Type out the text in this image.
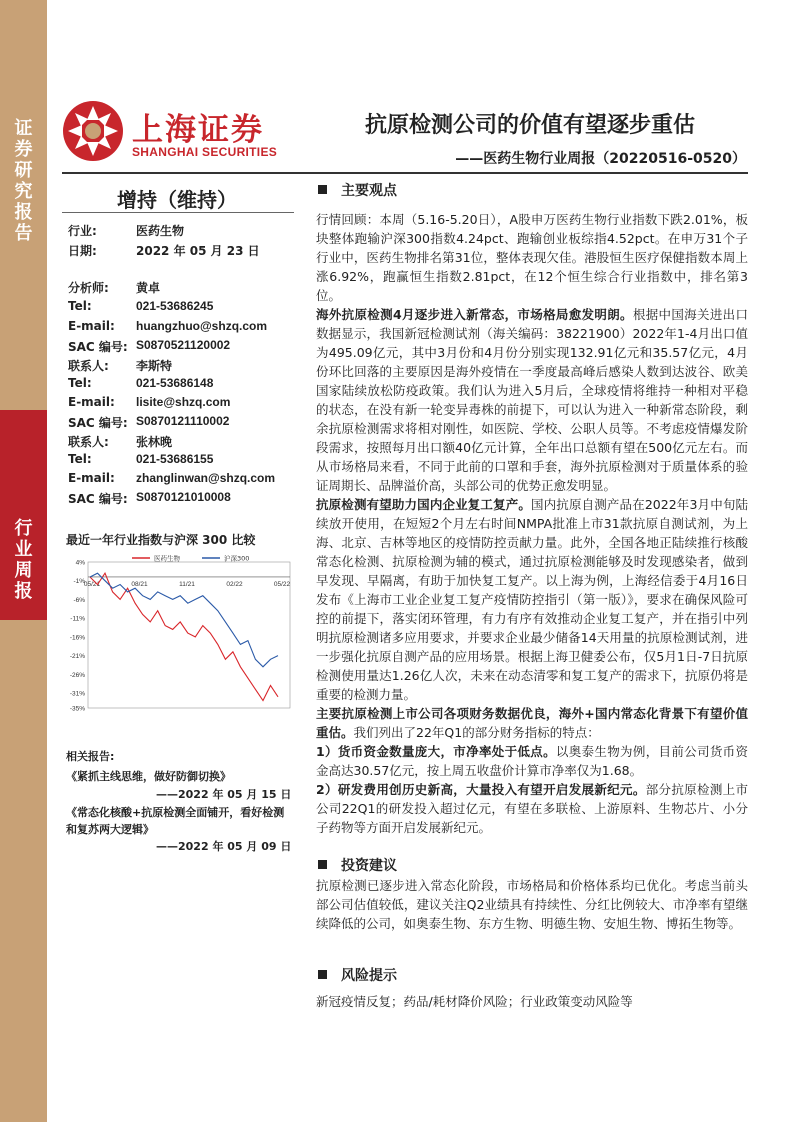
证
券
研
究
报
告
行
业
周
报
上海证券
SHANGHAI SECURITIES
抗原检测公司的价值有望逐步重估
——医药生物行业周报（20220516-0520）
增持（维持）
行业:	医药生物
日期:	2022 年 05 月 23 日
分析师: 黄卓
Tel:	021-53686245
E-mail: huangzhuo@shzq.com
SAC 编号: S0870521120002
联系人: 李斯特
Tel:	021-53686148
E-mail: lisite@shzq.com
SAC 编号: S0870121110002
联系人: 张林晚
Tel:	021-53686155
E-mail: zhanglinwan@shzq.com
SAC 编号: S0870121010008
最近一年行业指数与沪深 300 比较
4%
-1%
-6%
-11%
-16%
-21%
-26%
-31%
-35%
05/21	08/21	11/21	02/22	05/22
医药生物	沪深300
相关报告:
《紧抓主线思维，做好防御切换》
——2022 年 05 月 15 日
《常态化核酸+抗原检测全面铺开，看好检测和复苏两大逻辑》
——2022 年 05 月 09 日
主要观点

行情回顾：本周（5.16-5.20日），A股申万医药生物行业指数下跌2.01%，板块整体跑输沪深300指数4.24pct、跑输创业板综指4.52pct。在申万31个子行业中，医药生物排名第31位，整体表现欠佳。港股恒生医疗保健指数本周上涨6.92%，跑赢恒生指数2.81pct，在12个恒生综合行业指数中，排名第3位。

海外抗原检测4月逐步进入新常态，市场格局愈发明朗。根据中国海关进出口数据显示，我国新冠检测试剂（海关编码：38221900）2022年1-4月出口值为495.09亿元，其中3月份和4月份分别实现132.91亿元和35.57亿元，4月份环比回落的主要原因是海外疫情在一季度最高峰后感染人数到达波谷、欧美国家陆续放松防疫政策。我们认为进入5月后，全球疫情将维持一种相对平稳的状态，在没有新一轮变异毒株的前提下，可以认为进入一种新常态阶段，剩余抗原检测需求将相对刚性，如医院、学校、公职人员等。不考虑疫情爆发阶段需求，按照每月出口额40亿元计算，全年出口总额有望在500亿元左右。而从市场格局来看，不同于此前的口罩和手套，海外抗原检测对于质量体系的验证周期长、品牌溢价高，头部公司的优势正愈发明显。

抗原检测有望助力国内企业复工复产。国内抗原自测产品在2022年3月中旬陆续放开使用，在短短2个月左右时间NMPA批准上市31款抗原自测试剂，为上海、北京、吉林等地区的疫情防控贡献力量。此外，全国各地正陆续推行核酸常态化检测、抗原检测为辅的模式，通过抗原检测能够及时发现感染者，做到早发现、早隔离，有助于加快复工复产。以上海为例，上海经信委于4月16日发布《上海市工业企业复工复产疫情防控指引（第一版）》，要求在确保风险可控的前提下，落实闭环管理，有力有序有效推动企业复工复产，并在指引中列明抗原检测诸多应用要求，并要求企业最少储备14天用量的抗原检测试剂，进一步强化抗原自测产品的应用场景。根据上海卫健委公布，仅5月1日-7日抗原检测使用量达1.26亿人次，未来在动态清零和复工复产的需求下，抗原仍将是重要的检测力量。

主要抗原检测上市公司各项财务数据优良，海外+国内常态化背景下有望价值重估。我们列出了22年Q1的部分财务指标的特点：

1）货币资金数量庞大，市净率处于低点。以奥泰生物为例，目前公司货币资金高达30.57亿元，按上周五收盘价计算市净率仅为1.68。

2）研发费用创历史新高，大量投入有望开启发展新纪元。部分抗原检测上市公司22Q1的研发投入超过亿元，有望在多联检、上游原料、生物芯片、小分子药物等方面开启发展新纪元。

投资建议

抗原检测已逐步进入常态化阶段，市场格局和价格体系均已优化。考虑当前头部公司估值较低，建议关注Q2业绩具有持续性、分红比例较大、市净率有望继续降低的公司，如奥泰生物、东方生物、明德生物、安旭生物、博拓生物等。

风险提示

新冠疫情反复；药品/耗材降价风险；行业政策变动风险等
